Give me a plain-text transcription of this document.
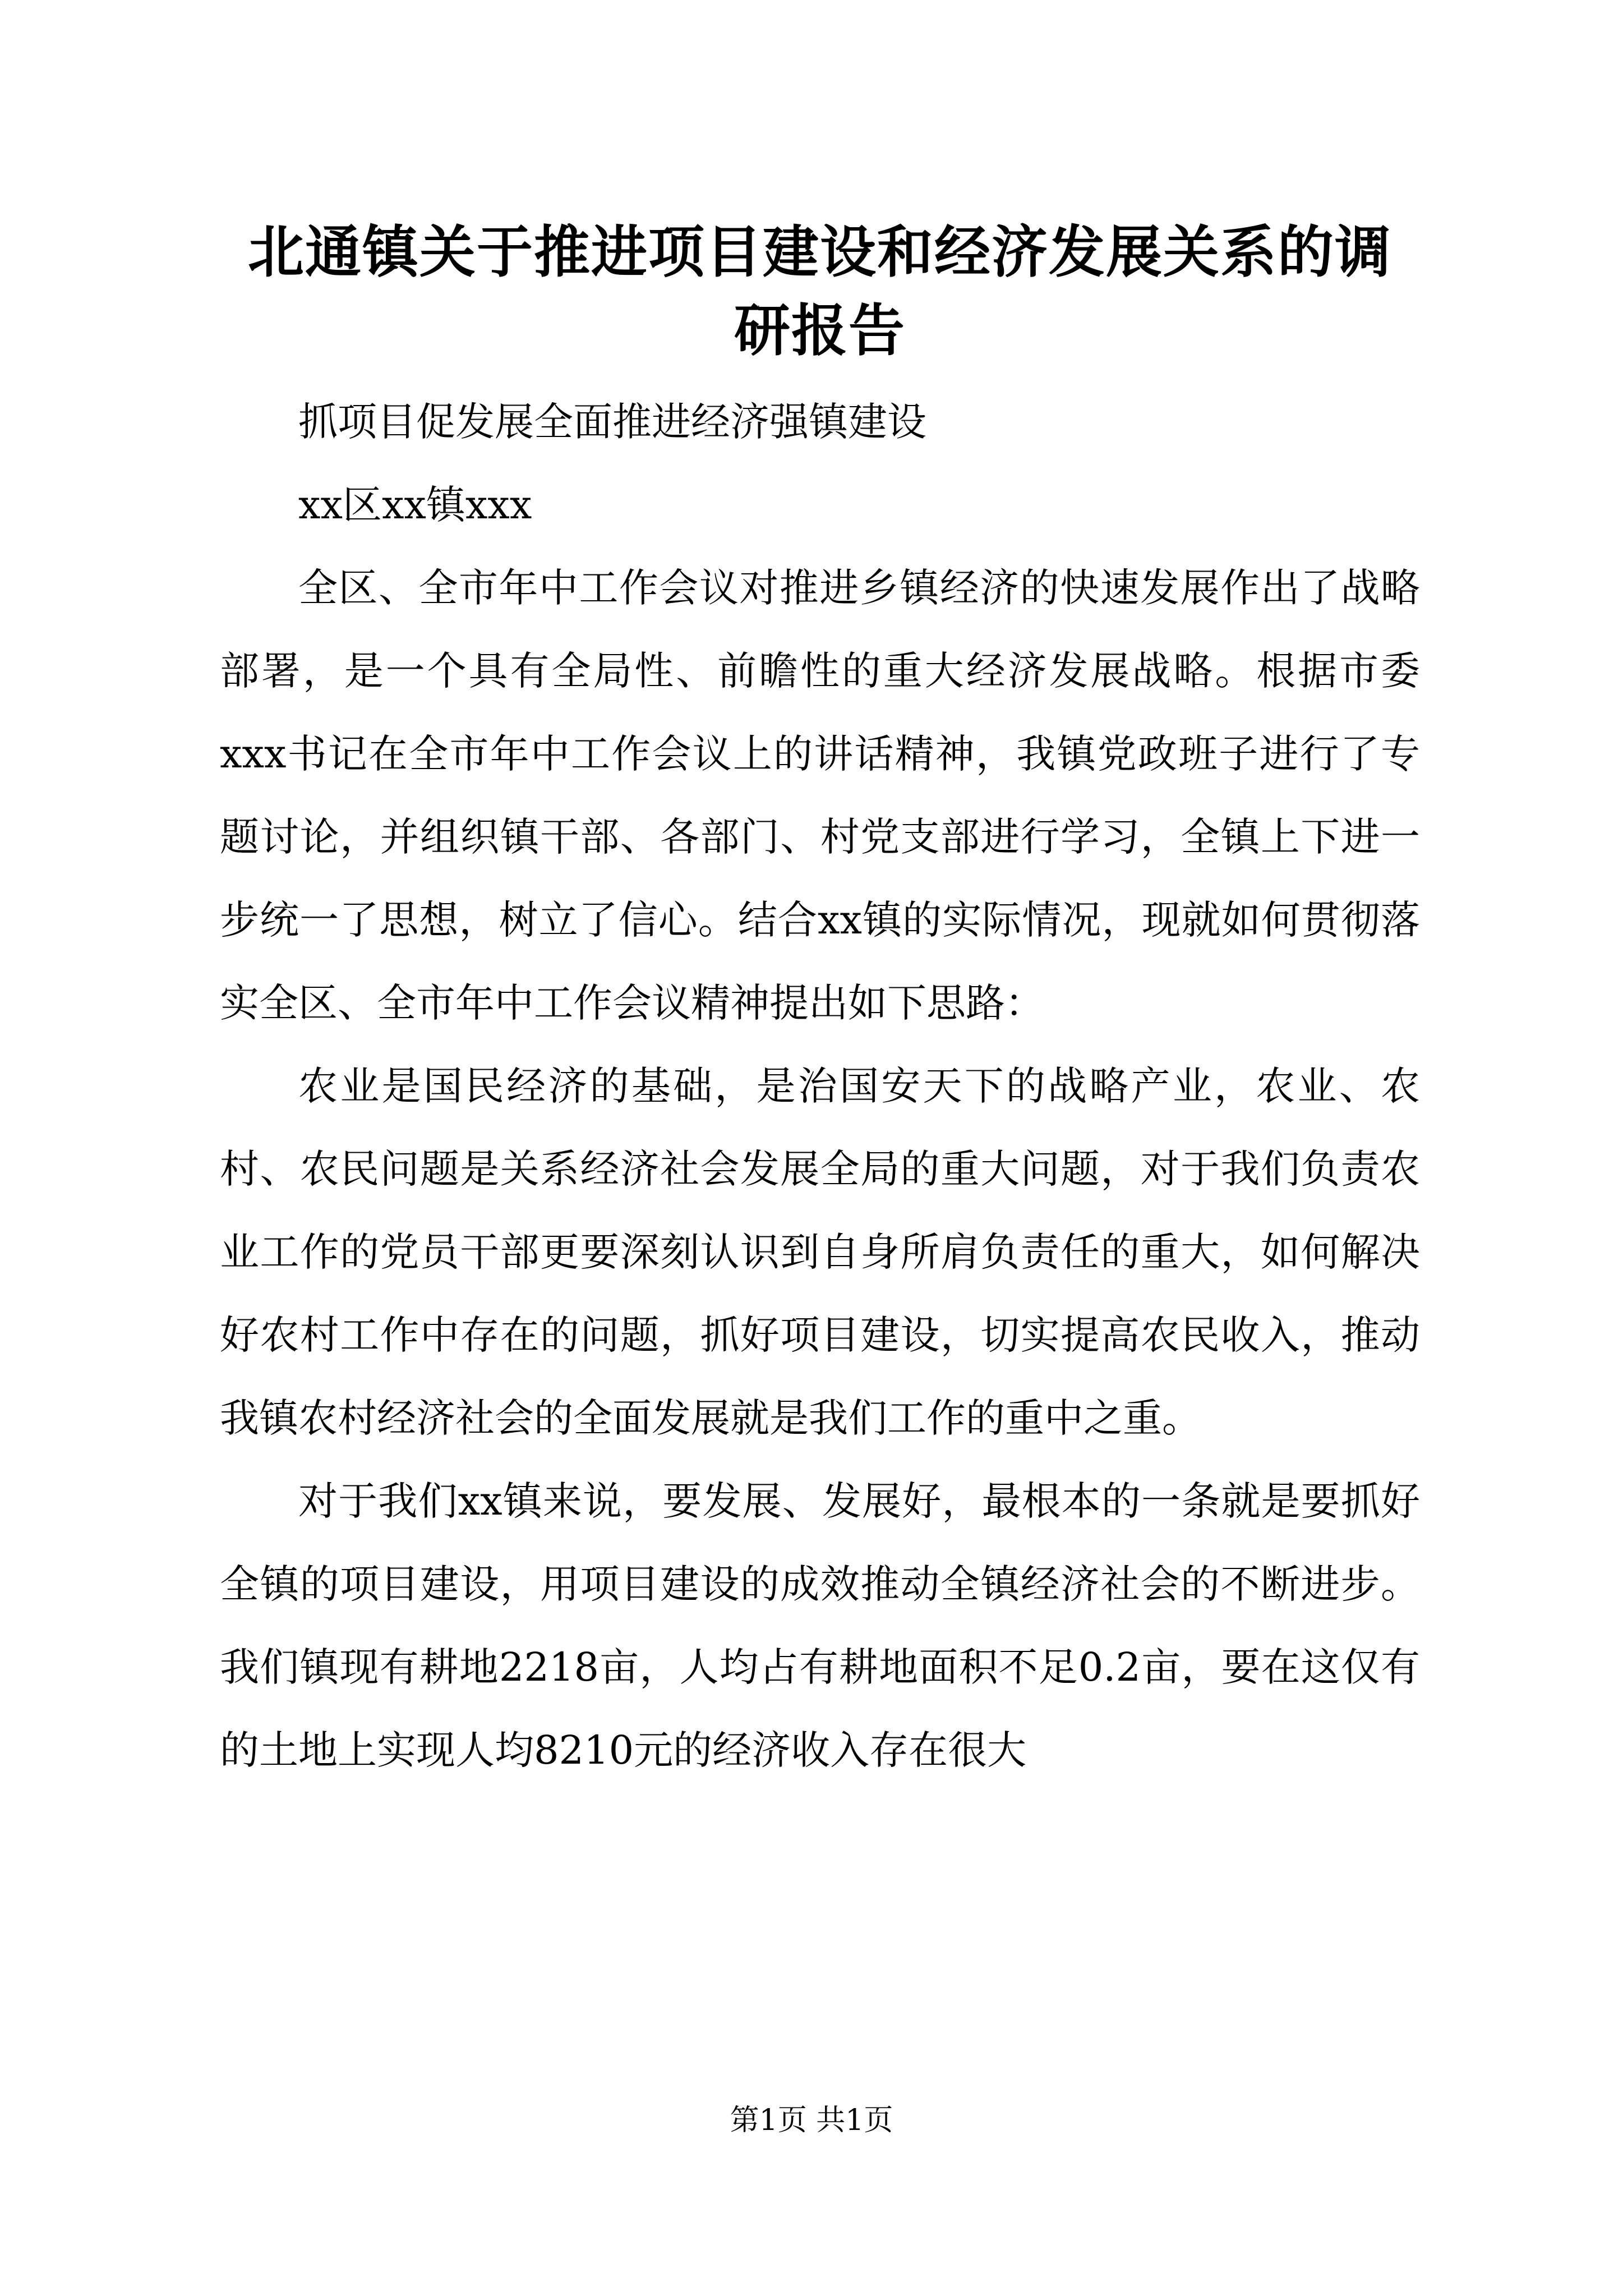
北通镇关于推进项目建设和经济发展关系的调研报告

抓项目促发展全面推进经济强镇建设

xx区xx镇xxx

全区、全市年中工作会议对推进乡镇经济的快速发展作出了战略部署，是一个具有全局性、前瞻性的重大经济发展战略。根据市委xxx书记在全市年中工作会议上的讲话精神，我镇党政班子进行了专题讨论，并组织镇干部、各部门、村党支部进行学习，全镇上下进一步统一了思想，树立了信心。结合xx镇的实际情况，现就如何贯彻落实全区、全市年中工作会议精神提出如下思路：

农业是国民经济的基础，是治国安天下的战略产业，农业、农村、农民问题是关系经济社会发展全局的重大问题，对于我们负责农业工作的党员干部更要深刻认识到自身所肩负责任的重大，如何解决好农村工作中存在的问题，抓好项目建设，切实提高农民收入，推动我镇农村经济社会的全面发展就是我们工作的重中之重。

对于我们xx镇来说，要发展、发展好，最根本的一条就是要抓好全镇的项目建设，用项目建设的成效推动全镇经济社会的不断进步。我们镇现有耕地2218亩，人均占有耕地面积不足0.2亩，要在这仅有的土地上实现人均8210元的经济收入存在很大

第1页 共1页
